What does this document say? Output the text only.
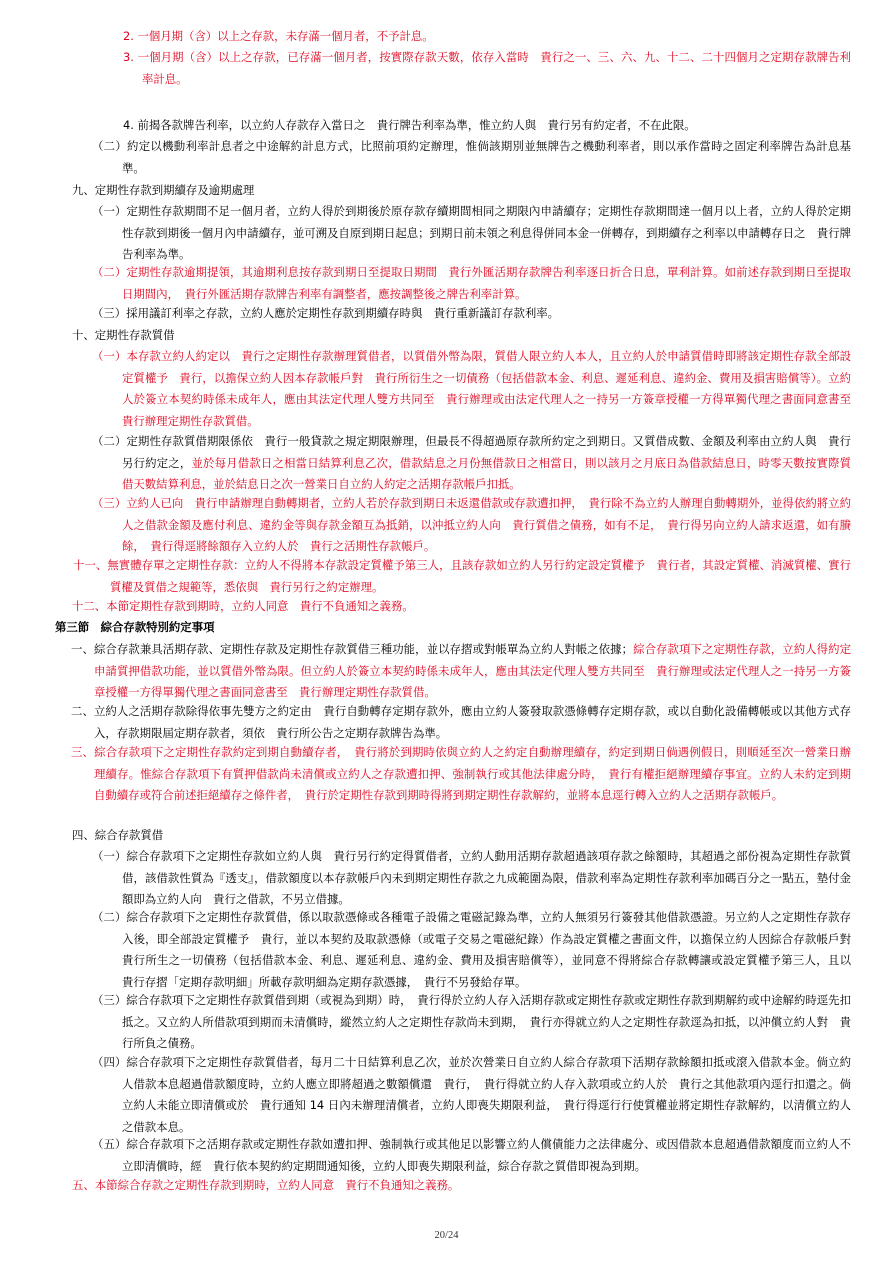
2. 一個月期（含）以上之存款，未存滿一個月者，不予計息。
3. 一個月期（含）以上之存款，已存滿一個月者，按實際存款天數，依存入當時　貴行之一、三、六、九、十二、二十四個月之定期存款牌告利率計息。
4. 前揭各款牌告利率，以立約人存款存入當日之　貴行牌告利率為準，惟立約人與　貴行另有約定者，不在此限。
（二）約定以機動利率計息者之中途解約計息方式，比照前項約定辦理，惟倘該期別並無牌告之機動利率者，則以承作當時之固定利率牌告為計息基準。
九、定期性存款到期續存及逾期處理
（一）定期性存款期間不足一個月者，立約人得於到期後於原存款存續期間相同之期限內申請續存；定期性存款期間達一個月以上者，立約人得於定期性存款到期後一個月內申請續存，並可溯及自原到期日起息；到期日前未領之利息得併同本金一併轉存，到期續存之利率以申請轉存日之　貴行牌告利率為準。
（二）定期性存款逾期提領，其逾期利息按存款到期日至提取日期間　貴行外匯活期存款牌告利率逐日折合日息，單利計算。如前述存款到期日至提取日期間內，　貴行外匯活期存款牌告利率有調整者，應按調整後之牌告利率計算。
（三）採用議訂利率之存款，立約人應於定期性存款到期續存時與　貴行重新議訂存款利率。
十、定期性存款質借
（一）本存款立約人約定以　貴行之定期性存款辦理質借者，以質借外幣為限，質借人限立約人本人，且立約人於申請質借時即將該定期性存款全部設定質權予　貴行，以擔保立約人因本存款帳戶對　貴行所衍生之一切債務（包括借款本金、利息、遲延利息、違約金、費用及損害賠償等）。立約人於簽立本契約時係未成年人，應由其法定代理人雙方共同至　貴行辦理或由法定代理人之一持另一方簽章授權一方得單獨代理之書面同意書至　貴行辦理定期性存款質借。
（二）定期性存款質借期限係依　貴行一般貸款之規定期限辦理，但最長不得超過原存款所約定之到期日。又質借成數、金額及利率由立約人與　貴行另行約定之，並於每月借款日之相當日結算利息乙次，借款結息之月份無借款日之相當日，則以該月之月底日為借款結息日，時零天數按實際質借天數結算利息，並於結息日之次一營業日自立約人約定之活期存款帳戶扣抵。
（三）立約人已向　貴行申請辦理自動轉期者，立約人若於存款到期日未返還借款或存款遭扣押，　貴行除不為立約人辦理自動轉期外，並得依約將立約人之借款金額及應付利息、違約金等與存款金額互為抵銷，以沖抵立約人向　貴行質借之債務，如有不足，　貴行得另向立約人請求返還，如有賸餘，　貴行得逕將餘額存入立約人於　貴行之活期性存款帳戶。
十一、無實體存單之定期性存款：立約人不得將本存款設定質權予第三人，且該存款如立約人另行約定設定質權予　貴行者，其設定質權、消滅質權、實行質權及質借之規範等，悉依與　貴行另行之約定辦理。
十二、本節定期性存款到期時，立約人同意　貴行不負通知之義務。
第三節　綜合存款特別約定事項
一、綜合存款兼具活期存款、定期性存款及定期性存款質借三種功能，並以存摺或對帳單為立約人對帳之依據；綜合存款項下之定期性存款，立約人得約定申請質押借款功能，並以質借外幣為限。但立約人於簽立本契約時係未成年人，應由其法定代理人雙方共同至　貴行辦理或法定代理人之一持另一方簽章授權一方得單獨代理之書面同意書至　貴行辦理定期性存款質借。
二、立約人之活期存款除得依事先雙方之約定由　貴行自動轉存定期存款外，應由立約人簽發取款憑條轉存定期存款，或以自動化設備轉帳或以其他方式存入，存款期限屆定期存款者，須依　貴行所公告之定期存款牌告為準。
三、綜合存款項下之定期性存款約定到期自動續存者，　貴行將於到期時依與立約人之約定自動辦理續存，約定到期日倘遇例假日，則順延至次一營業日辦理續存。惟綜合存款項下有質押借款尚未清償或立約人之存款遭扣押、強制執行或其他法律處分時，　貴行有權拒絕辦理續存事宜。立約人未約定到期自動續存或符合前述拒絕續存之條件者，　貴行於定期性存款到期時得將到期定期性存款解約，並將本息逕行轉入立約人之活期存款帳戶。
四、綜合存款質借
（一）綜合存款項下之定期性存款如立約人與　貴行另行約定得質借者，立約人動用活期存款超過該項存款之餘額時，其超過之部份視為定期性存款質借，該借款性質為『透支』，借款額度以本存款帳戶內未到期定期性存款之九成範圍為限，借款利率為定期性存款利率加碼百分之一點五，墊付金額即為立約人向　貴行之借款，不另立借據。
（二）綜合存款項下之定期性存款質借，係以取款憑條或各種電子設備之電磁記錄為準，立約人無須另行簽發其他借款憑證。另立約人之定期性存款存入後，即全部設定質權予　貴行，並以本契約及取款憑條（或電子交易之電磁紀錄）作為設定質權之書面文件，以擔保立約人因綜合存款帳戶對　貴行所生之一切債務（包括借款本金、利息、遲延利息、違約金、費用及損害賠償等），並同意不得將綜合存款轉讓或設定質權予第三人，且以　貴行存摺「定期存款明細」所載存款明細為定期存款憑據，　貴行不另發給存單。
（三）綜合存款項下之定期性存款質借到期（或視為到期）時，　貴行得於立約人存入活期存款或定期性存款或定期性存款到期解約或中途解約時逕先扣抵之。又立約人所借款項到期而未清償時，縱然立約人之定期性存款尚未到期，　貴行亦得就立約人之定期性存款逕為扣抵，以沖償立約人對　貴行所負之債務。
（四）綜合存款項下之定期性存款質借者，每月二十日結算利息乙次，並於次營業日自立約人綜合存款項下活期存款餘額扣抵或滾入借款本金。倘立約人借款本息超過借款額度時，立約人應立即將超過之數額償還　貴行，　貴行得就立約人存入款項或立約人於　貴行之其他款項內逕行扣還之。倘立約人未能立即清償或於　貴行通知 14 日內未辦理清償者，立約人即喪失期限利益，　貴行得逕行行使質權並將定期性存款解約，以清償立約人之借款本息。
（五）綜合存款項下之活期存款或定期性存款如遭扣押、強制執行或其他足以影響立約人償債能力之法律處分、或因借款本息超過借款額度而立約人不立即清償時，經　貴行依本契約約定期間通知後，立約人即喪失期限利益，綜合存款之質借即視為到期。
五、本節綜合存款之定期性存款到期時，立約人同意　貴行不負通知之義務。
20/24
